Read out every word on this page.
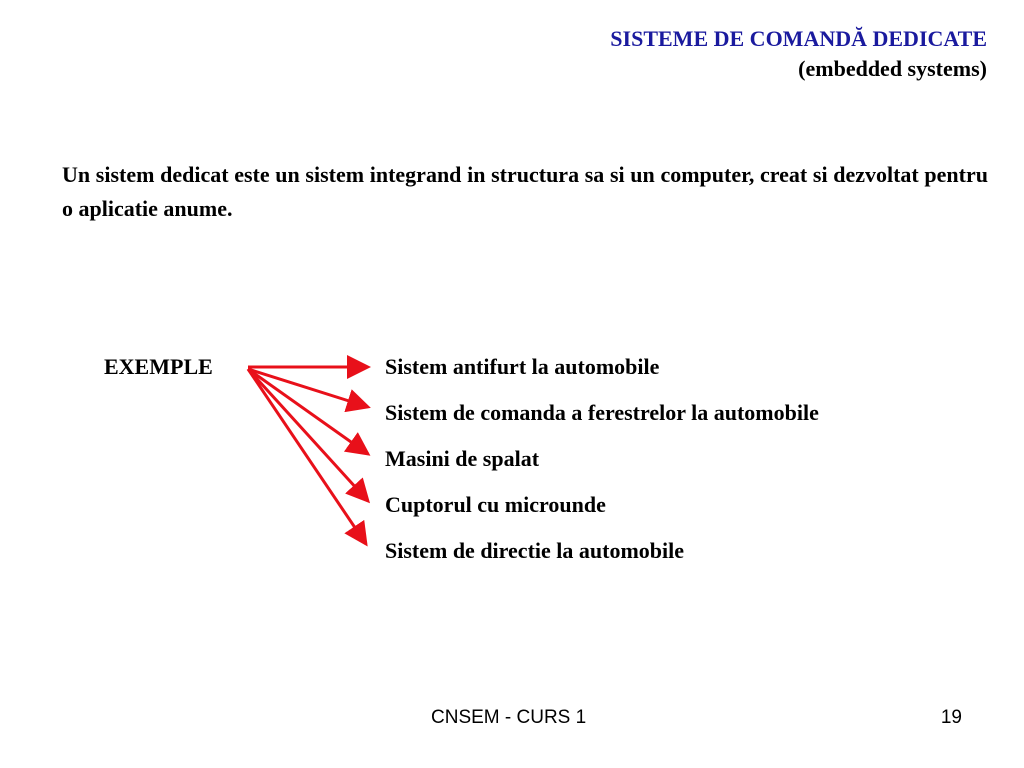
SISTEME DE COMANDĂ DEDICATE
(embedded systems)
Un sistem dedicat este un sistem integrand in structura sa si un computer, creat si dezvoltat pentru o aplicatie anume.
EXEMPLE	Sistem antifurt la automobile
Sistem de comanda a ferestrelor la automobile
Masini de spalat
Cuptorul cu microunde
Sistem de directie la automobile
CNSEM - CURS 1	19
